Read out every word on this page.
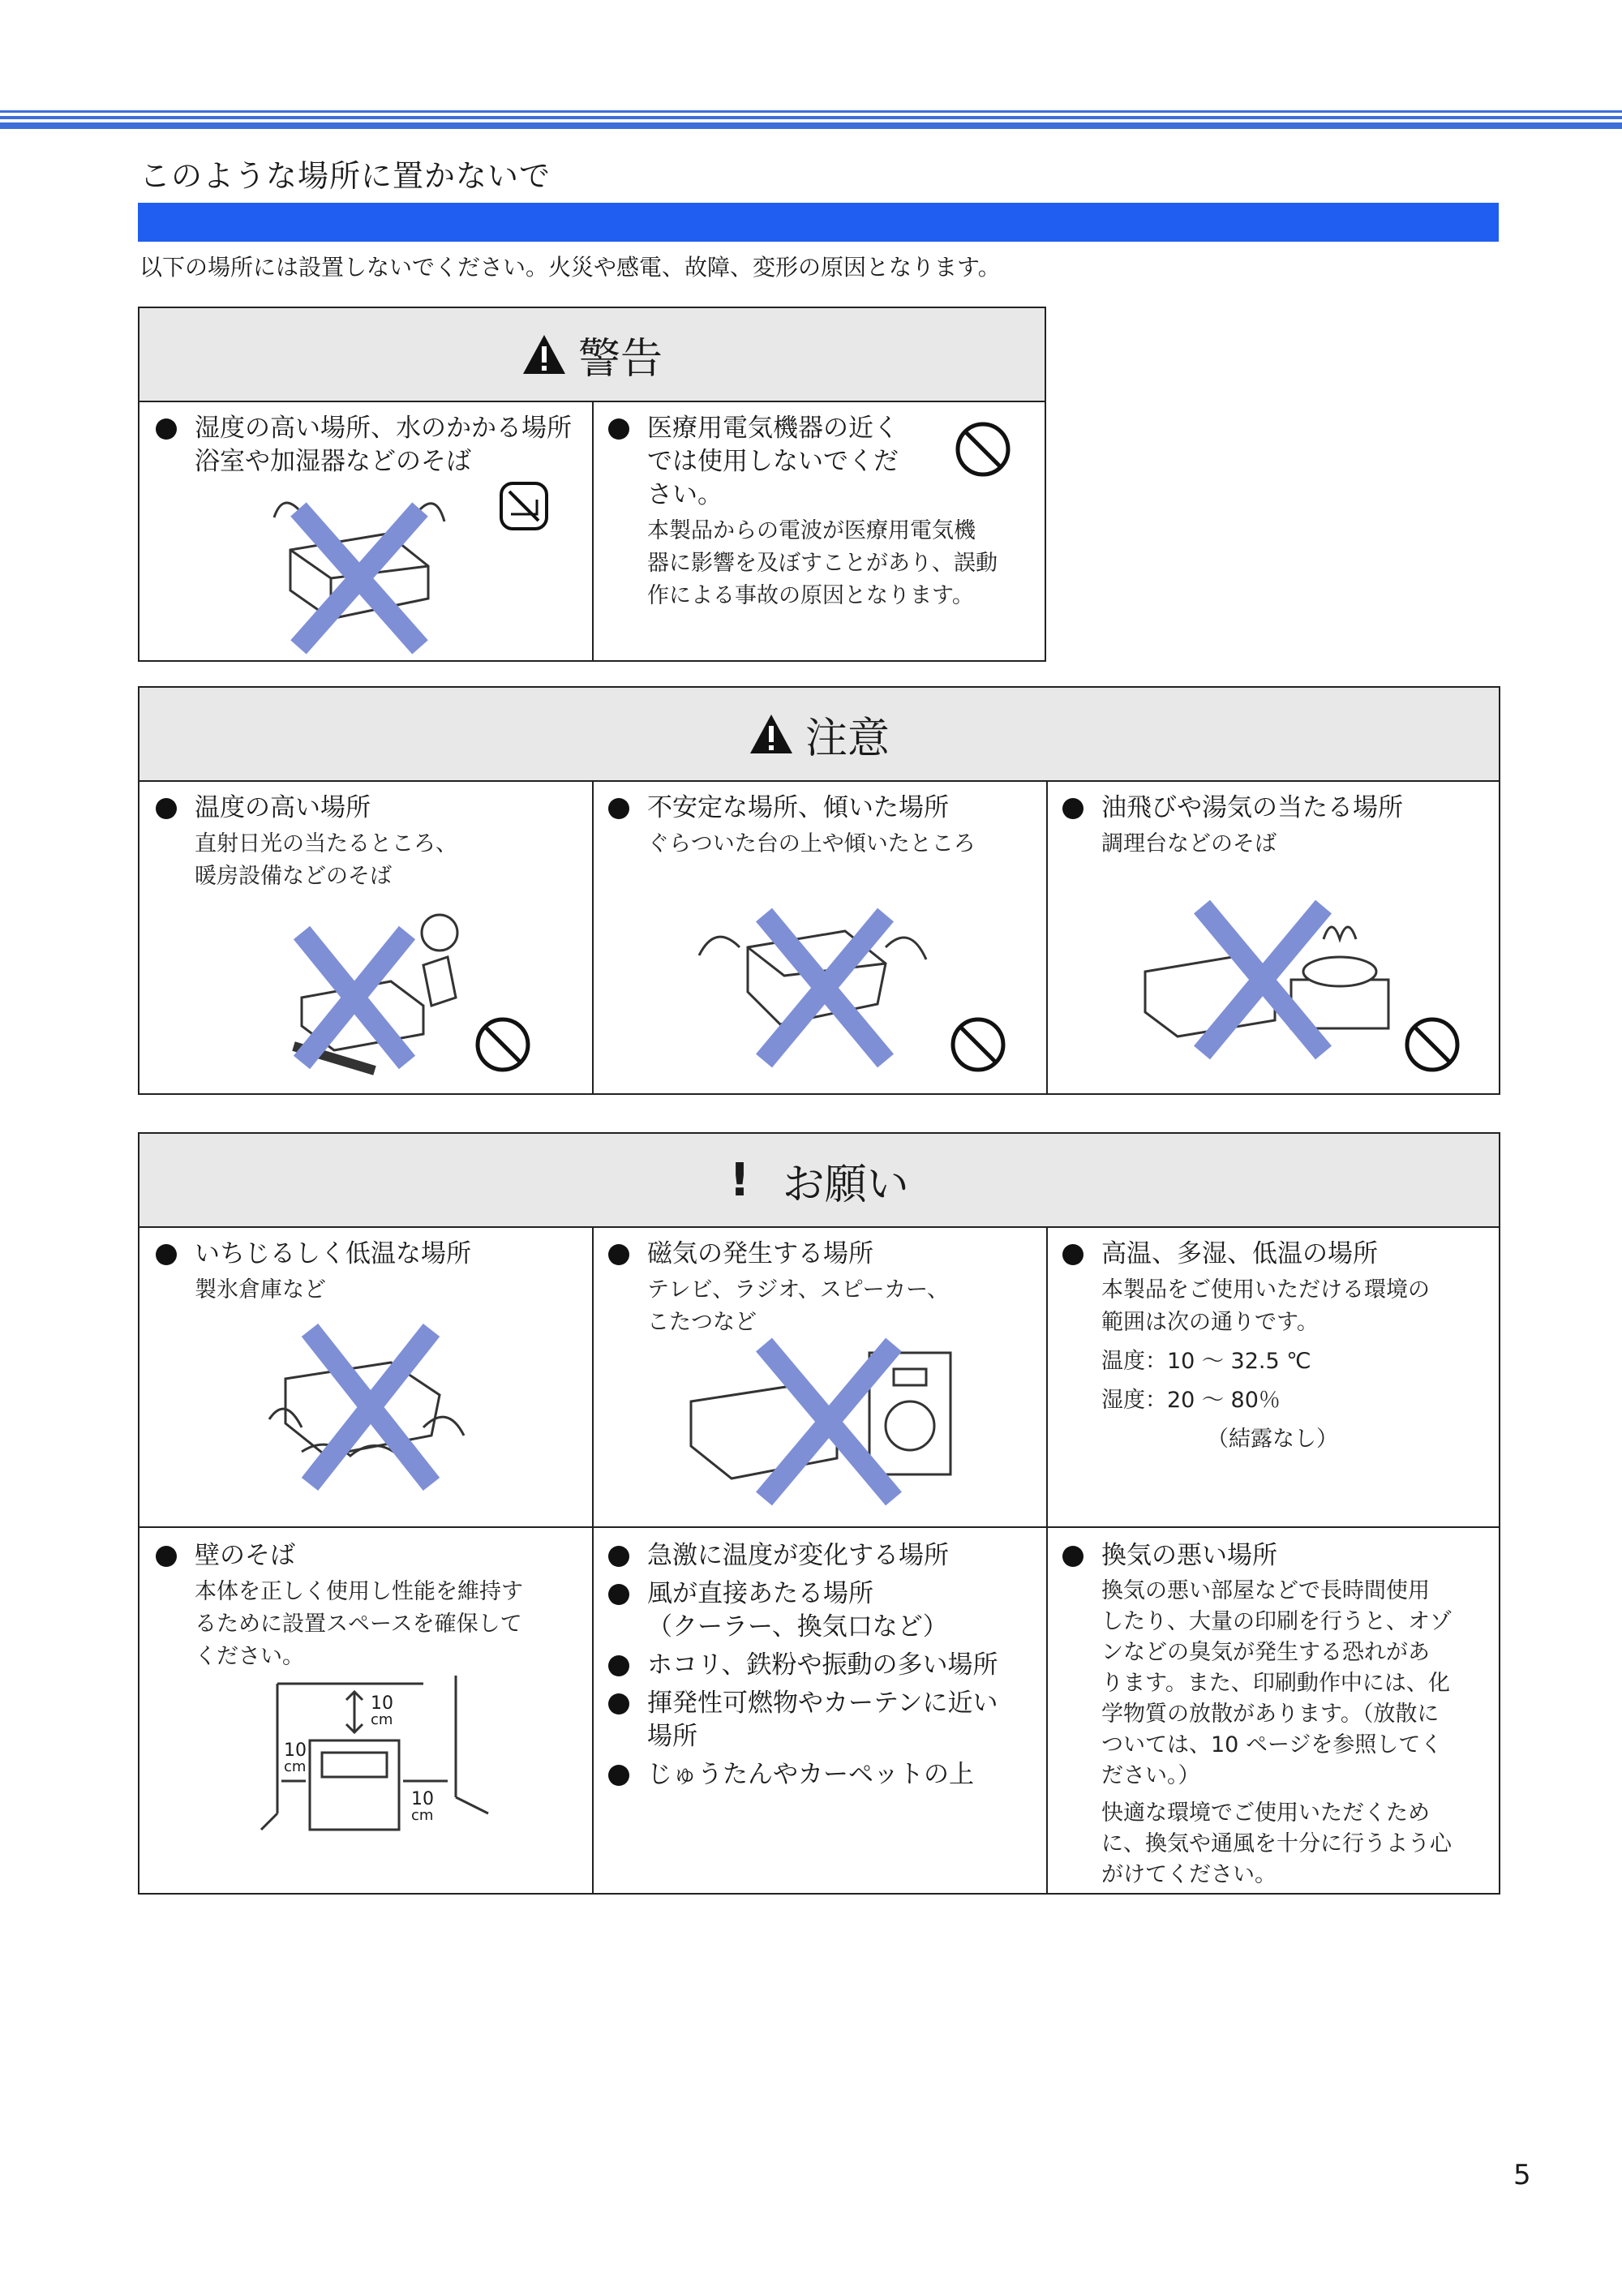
このような場所に置かないで
以下の場所には設置しないでください。火災や感電、故障、変形の原因となります。
警告
湿度の高い場所、水のかかる場所
浴室や加湿器などのそば
医療用電気機器の近く
では使用しないでくだ
さい。
本製品からの電波が医療用電気機
器に影響を及ぼすことがあり、誤動
作による事故の原因となります。
注意
温度の高い場所
直射日光の当たるところ、
暖房設備などのそば
不安定な場所、傾いた場所
ぐらついた台の上や傾いたところ
油飛びや湯気の当たる場所
調理台などのそば
! お願い
いちじるしく低温な場所
製氷倉庫など
磁気の発生する場所
テレビ、ラジオ、スピーカー、
こたつなど
高温、多湿、低温の場所
本製品をご使用いただける環境の
範囲は次の通りです。
温度：10 〜 32.5 ℃
湿度：20 〜 80％
（結露なし）
壁のそば
本体を正しく使用し性能を維持す
るために設置スペースを確保して
ください。
10
cm
10
cm
10
cm
急激に温度が変化する場所
風が直接あたる場所
（クーラー、換気口など）
ホコリ、鉄粉や振動の多い場所
揮発性可燃物やカーテンに近い
場所
じゅうたんやカーペットの上
換気の悪い場所
換気の悪い部屋などで長時間使用
したり、大量の印刷を行うと、オゾ
ンなどの臭気が発生する恐れがあ
ります。また、印刷動作中には、化
学物質の放散があります。（放散に
ついては、10 ページを参照してく
ださい。）
快適な環境でご使用いただくため
に、換気や通風を十分に行うよう心
がけてください。
5
